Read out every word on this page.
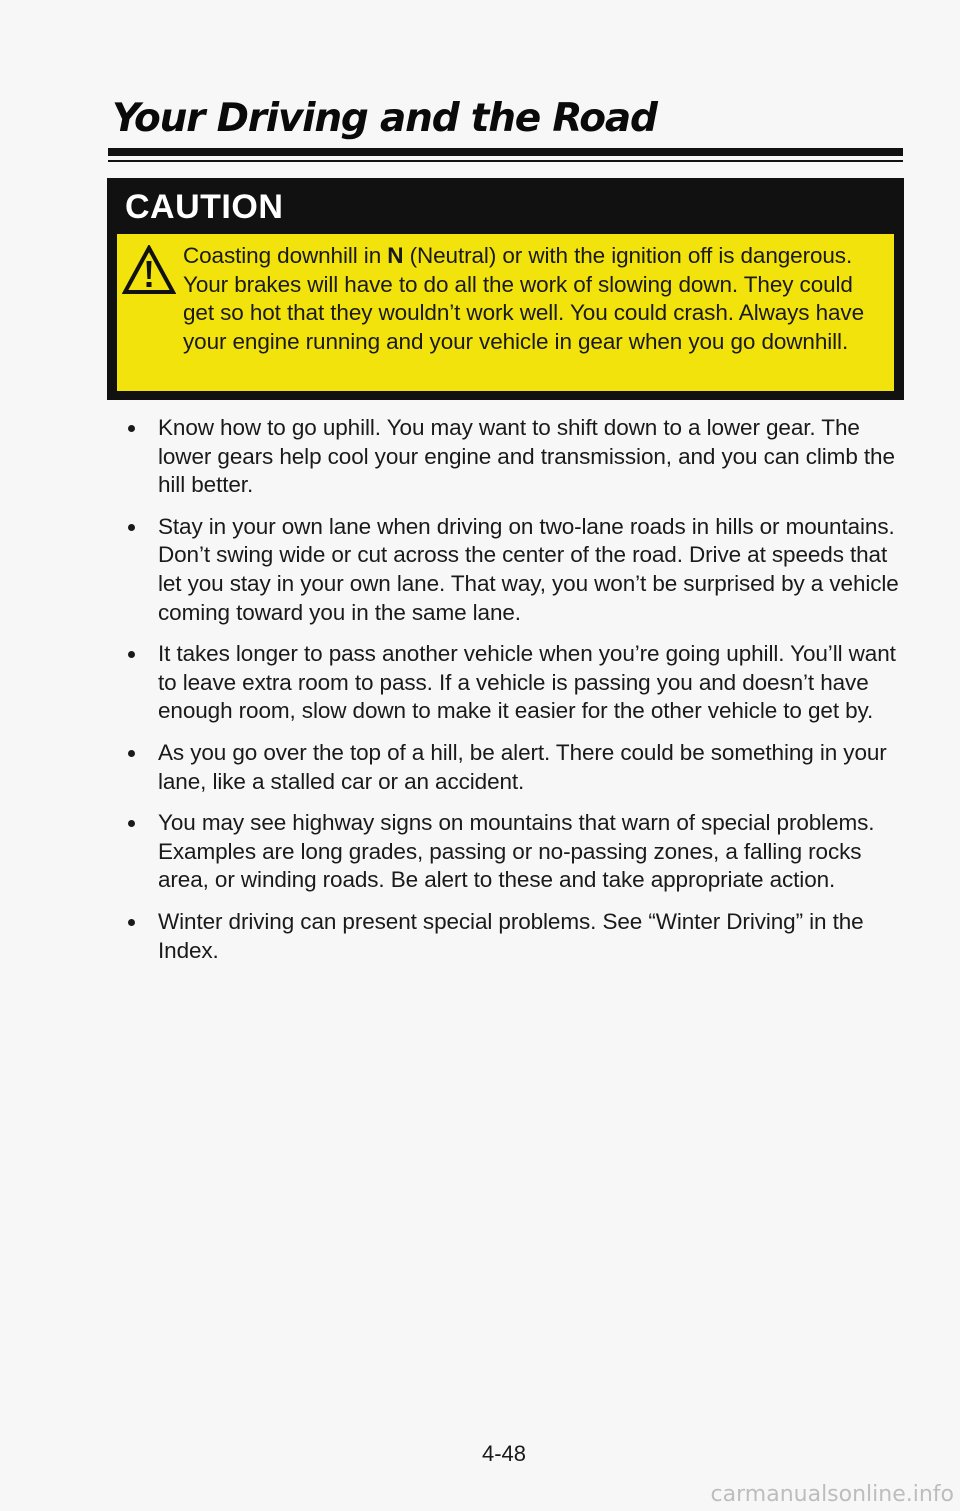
Your Driving and the Road
CAUTION

Coasting downhill in N (Neutral) or with the ignition off is dangerous. Your brakes will have to do all the work of slowing down. They could get so hot that they wouldn’t work well. You could crash. Always have your engine running and your vehicle in gear when you go downhill.

Know how to go uphill. You may want to shift down to a lower gear. The lower gears help cool your engine and transmission, and you can climb the hill better.
Stay in your own lane when driving on two-lane roads in hills or mountains. Don’t swing wide or cut across the center of the road. Drive at speeds that let you stay in your own lane. That way, you won’t be surprised by a vehicle coming toward you in the same lane.
It takes longer to pass another vehicle when you’re going uphill. You’ll want to leave extra room to pass. If a vehicle is passing you and doesn’t have enough room, slow down to make it easier for the other vehicle to get by.
As you go over the top of a hill, be alert. There could be something in your lane, like a stalled car or an accident.
You may see highway signs on mountains that warn of special problems. Examples are long grades, passing or no-passing zones, a falling rocks area, or winding roads. Be alert to these and take appropriate action.
Winter driving can present special problems. See “Winter Driving” in the Index.
4-48
carmanualsonline.info
